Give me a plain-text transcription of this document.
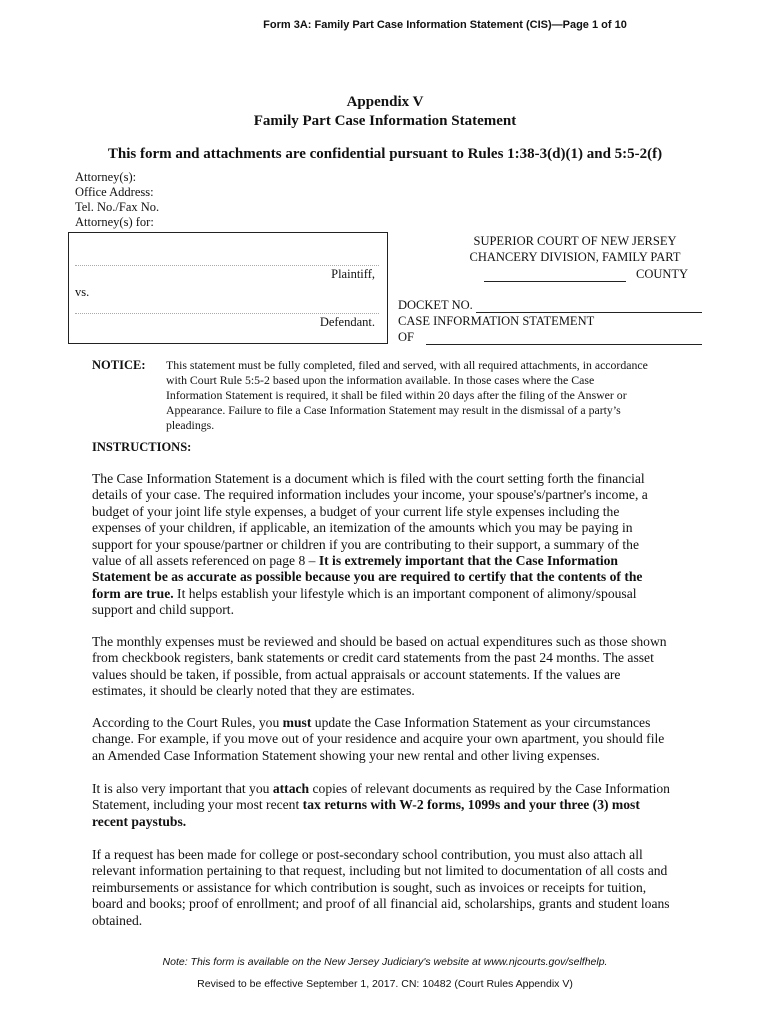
Form 3A: Family Part Case Information Statement (CIS)—Page 1 of 10
Appendix V
Family Part Case Information Statement
This form and attachments are confidential pursuant to Rules 1:38-3(d)(1) and 5:5-2(f)
Attorney(s):
Office Address:
Tel. No./Fax No.
Attorney(s) for:
Plaintiff,
vs.
Defendant.
SUPERIOR COURT OF NEW JERSEY
CHANCERY DIVISION, FAMILY PART
COUNTY
DOCKET NO.
CASE INFORMATION STATEMENT
OF
NOTICE: This statement must be fully completed, filed and served, with all required attachments, in accordance
with Court Rule 5:5-2 based upon the information available. In those cases where the Case
Information Statement is required, it shall be filed within 20 days after the filing of the Answer or
Appearance. Failure to file a Case Information Statement may result in the dismissal of a party’s
pleadings.
INSTRUCTIONS:
The Case Information Statement is a document which is filed with the court setting forth the financial
details of your case. The required information includes your income, your spouse's/partner's income, a
budget of your joint life style expenses, a budget of your current life style expenses including the
expenses of your children, if applicable, an itemization of the amounts which you may be paying in
support for your spouse/partner or children if you are contributing to their support, a summary of the
value of all assets referenced on page 8 – It is extremely important that the Case Information
Statement be as accurate as possible because you are required to certify that the contents of the
form are true. It helps establish your lifestyle which is an important component of alimony/spousal
support and child support.
The monthly expenses must be reviewed and should be based on actual expenditures such as those shown
from checkbook registers, bank statements or credit card statements from the past 24 months. The asset
values should be taken, if possible, from actual appraisals or account statements. If the values are
estimates, it should be clearly noted that they are estimates.
According to the Court Rules, you must update the Case Information Statement as your circumstances
change. For example, if you move out of your residence and acquire your own apartment, you should file
an Amended Case Information Statement showing your new rental and other living expenses.
It is also very important that you attach copies of relevant documents as required by the Case Information
Statement, including your most recent tax returns with W-2 forms, 1099s and your three (3) most
recent paystubs.
If a request has been made for college or post-secondary school contribution, you must also attach all
relevant information pertaining to that request, including but not limited to documentation of all costs and
reimbursements or assistance for which contribution is sought, such as invoices or receipts for tuition,
board and books; proof of enrollment; and proof of all financial aid, scholarships, grants and student loans
obtained.
Note: This form is available on the New Jersey Judiciary's website at www.njcourts.gov/selfhelp.
Revised to be effective September 1, 2017. CN: 10482 (Court Rules Appendix V)
